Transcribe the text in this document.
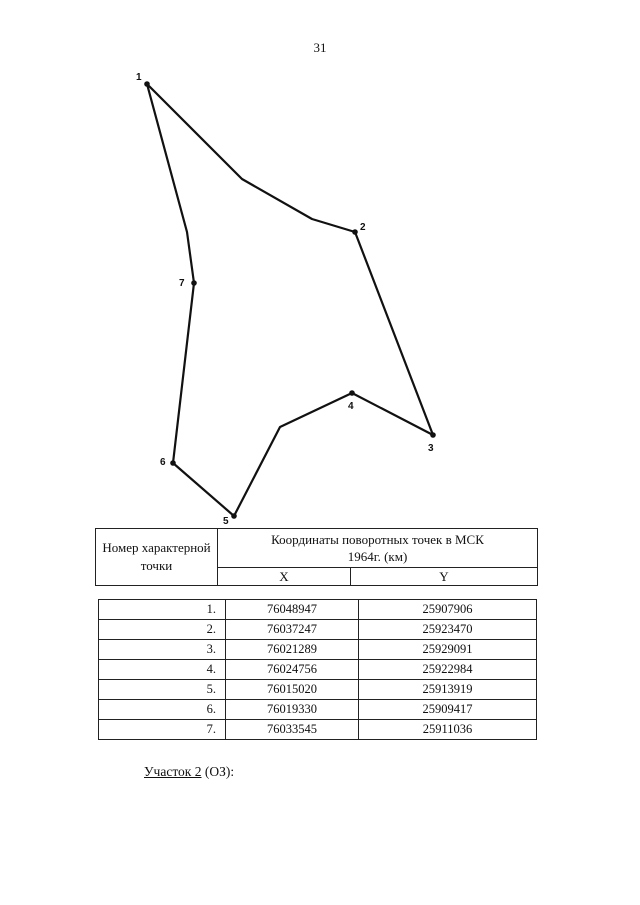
31
1
2
3
4
5
6
7
Номер характерной точки	Координаты поворотных точек в МСК 1964г. (км)	
	X	Y
1.	76048947	25907906
2.	76037247	25923470
3.	76021289	25929091
4.	76024756	25922984
5.	76015020	25913919
6.	76019330	25909417
7.	76033545	25911036
Участок 2 (ОЗ):
